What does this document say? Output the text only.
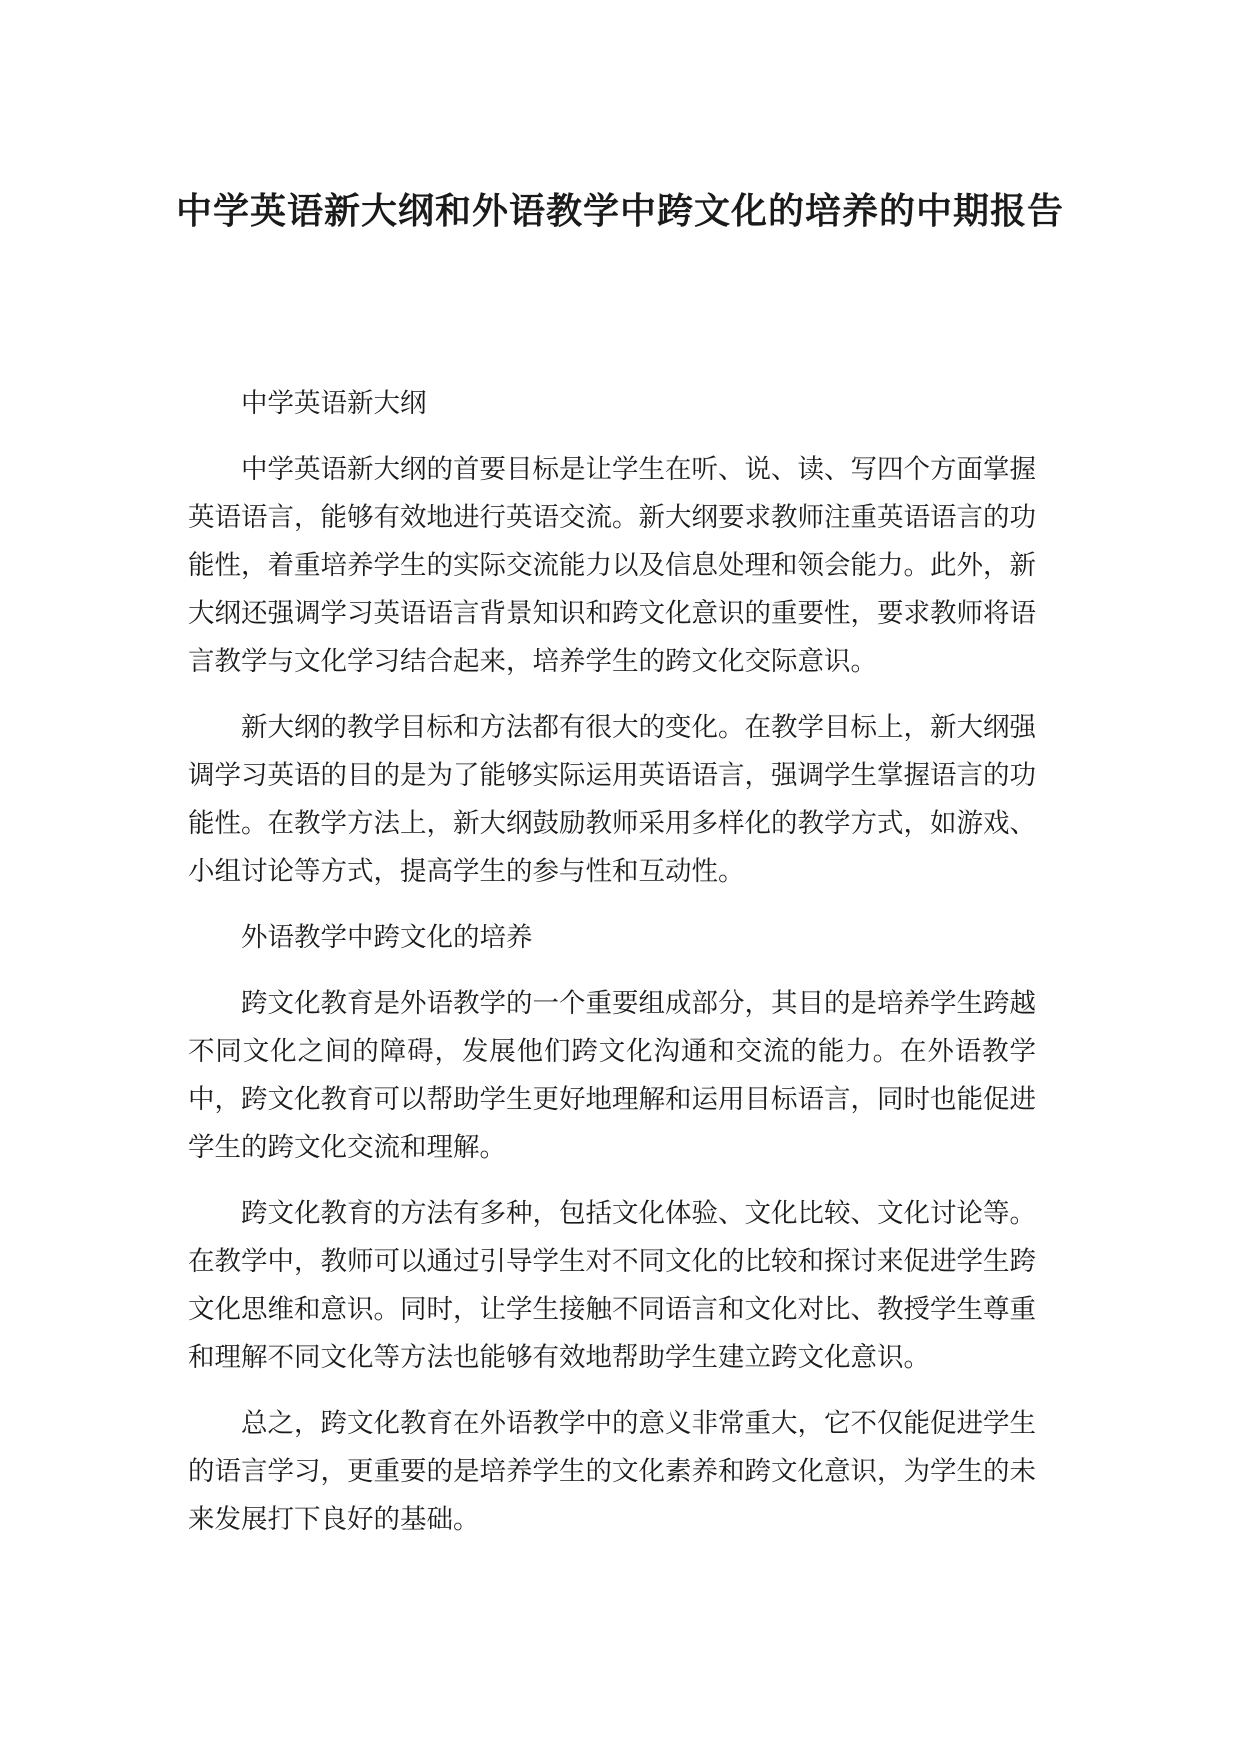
中学英语新大纲和外语教学中跨文化的培养的中期报告
中学英语新大纲

中学英语新大纲的首要目标是让学生在听、说、读、写四个方面掌握英语语言，能够有效地进行英语交流。新大纲要求教师注重英语语言的功能性，着重培养学生的实际交流能力以及信息处理和领会能力。此外，新大纲还强调学习英语语言背景知识和跨文化意识的重要性，要求教师将语言教学与文化学习结合起来，培养学生的跨文化交际意识。

新大纲的教学目标和方法都有很大的变化。在教学目标上，新大纲强调学习英语的目的是为了能够实际运用英语语言，强调学生掌握语言的功能性。在教学方法上，新大纲鼓励教师采用多样化的教学方式，如游戏、小组讨论等方式，提高学生的参与性和互动性。

外语教学中跨文化的培养

跨文化教育是外语教学的一个重要组成部分，其目的是培养学生跨越不同文化之间的障碍，发展他们跨文化沟通和交流的能力。在外语教学中，跨文化教育可以帮助学生更好地理解和运用目标语言，同时也能促进学生的跨文化交流和理解。

跨文化教育的方法有多种，包括文化体验、文化比较、文化讨论等。在教学中，教师可以通过引导学生对不同文化的比较和探讨来促进学生跨文化思维和意识。同时，让学生接触不同语言和文化对比、教授学生尊重和理解不同文化等方法也能够有效地帮助学生建立跨文化意识。

总之，跨文化教育在外语教学中的意义非常重大，它不仅能促进学生的语言学习，更重要的是培养学生的文化素养和跨文化意识，为学生的未来发展打下良好的基础。
